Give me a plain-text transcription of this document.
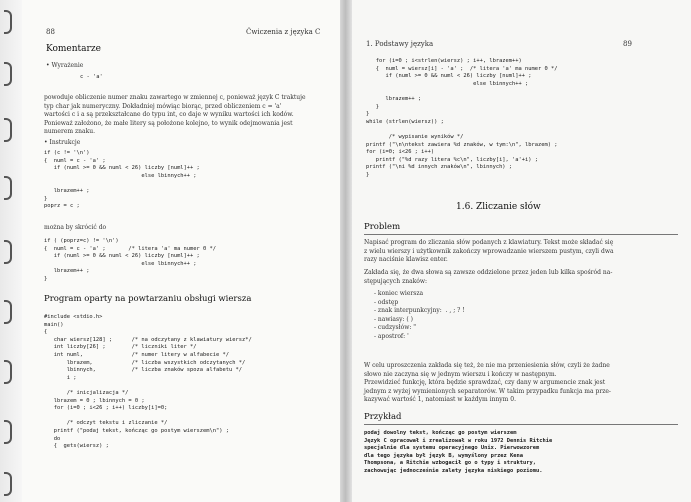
88	Ćwiczenia z języka C
Komentarze
• Wyrażenie
c - 'a'
powoduje obliczenie numer znaku zawartego w zmiennej c, ponieważ język C traktuje
typ char jak numeryczny. Dokładniej mówiąc biorąc, przed obliczeniem c = 'a'
wartości c i a są przekształcane do typu int, co daje w wyniku wartości ich kodów.
Ponieważ założono, że małe litery są położone kolejno, to wynik odejmowania jest
numerem znaku.
• Instrukcje
if (c != '\n')
{  numl = c - 'a' ;
if (numl >= 0 && numl < 26) liczby [numl]++ ;
else lbinnych++ ;

lbrazem++ ;
}
poprz = c ;
można by skrócić do
if ( (poprz=c) != '\n')
{  numl = c - 'a' ;       /* litera 'a' ma numer 0 */
if (numl >= 0 && numl < 26) liczby [numl]++ ;
else lbinnych++ ;
lbrazem++ ;
}
Program oparty na powtarzaniu obsługi wiersza
#include <stdio.h>
main()
{
char wiersz[128] ;      /* na odczytany z klawiatury wiersz*/
int liczby[26] ;        /* liczniki liter */
int numl,               /* numer litery w alfabecie */
lbrazem,            /* liczba wszystkich odczytanych */
lbinnych,           /* liczba znaków spoza alfabetu */
i ;

/* inicjalizacja */
lbrazem = 0 ; lbinnych = 0 ;
for (i=0 ; i<26 ; i++) liczby[i]=0;

/* odczyt tekstu i zliczanie */
printf ("podaj tekst, kończąc go postym wierszem\n") ;
do
{  gets(wiersz) ;
1. Podstawy języka	89
for (i=0 ; i<strlen(wiersz) ; i++, lbrazem++)
{  numl = wiersz[i] - 'a' ;  /* litera 'a' ma numer 0 */
if (numl >= 0 && numl < 26) liczby [numl]++ ;
else lbinnych++ ;

lbrazem++ ;
}
}
while (strlen(wiersz)) ;

/* wypisanie wyników */
printf ("\n\ntekst zawiera %d znaków, w tym:\n", lbrazem) ;
for (i=0; i<26 ; i++)
printf ("%d razy litera %c\n", liczby[i], 'a'+i) ;
printf ("\ni %d innych znaków\n", lbinnych) ;
}
1.6. Zliczanie słów
Problem
Napisać program do zliczania słów podanych z klawiatury. Tekst może składać się
z wielu wierszy i użytkownik zakończy wprowadzanie wierszem pustym, czyli dwa
razy naciśnie klawisz enter.
Zakłada się, że dwa słowa są zawsze oddzielone przez jeden lub kilka spośród na-
stępujących znaków:
- koniec wiersza
- odstęp
- znak interpunkcyjny:  . , ; ? !
- nawiasy: ( )
- cudzysłów: "
- apostrof: '
W celu uproszczenia zakłada się też, że nie ma przeniesienia słów, czyli że żadne
słowo nie zaczyna się w jednym wierszu i kończy w następnym.
Przewidzieć funkcję, która będzie sprawdzać, czy dany w argumencie znak jest
jednym z wyżej wymienionych separatorów. W takim przypadku funkcja ma prze-
kazywać wartość 1, natomiast w każdym innym 0.
Przykład
podaj dowolny tekst, kończąc go postym wierszem
Język C opracował i zrealizował w roku 1972 Dennis Ritchie
specjalnie dla systemu operacyjnego Unix. Pierwowzorem
dla tego języka był język B, wymyślony przez Kena
Thompsona, a Ritchie wzbogacił go o typy i struktury,
zachowując jednocześnie zalety języka niskiego poziomu.
